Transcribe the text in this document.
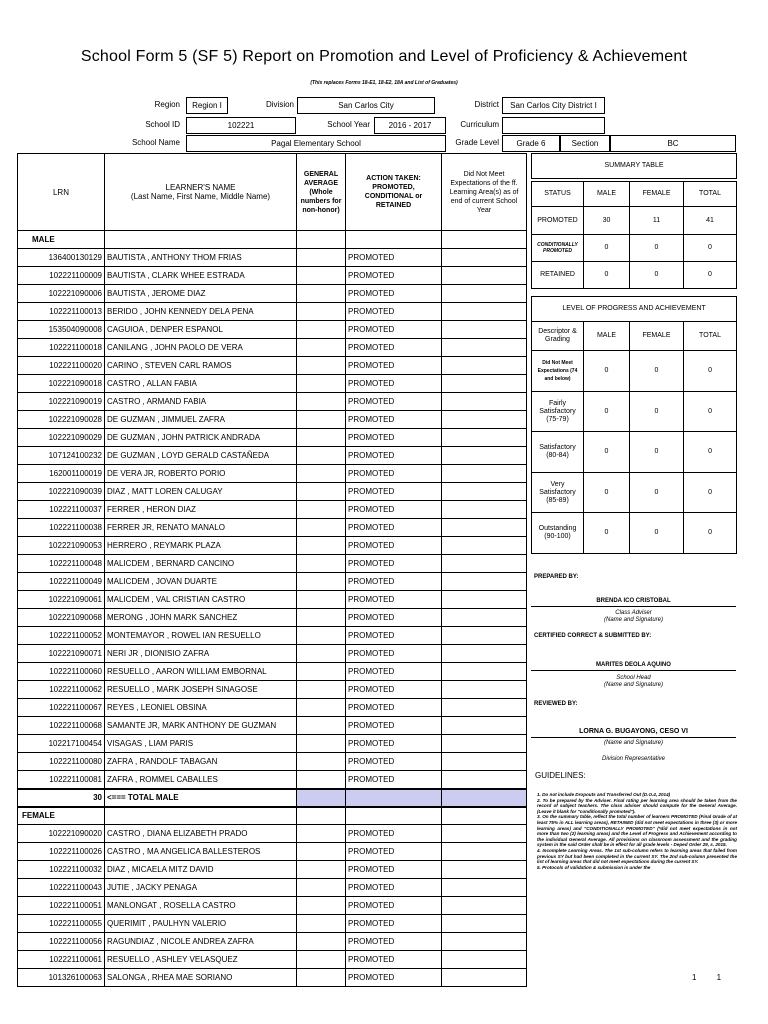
School Form 5 (SF 5) Report on Promotion and Level of Proficiency & Achievement
(This replaces Forms 18-E1, 18-E2, 18A and List of Graduates)
Region	Region I	Division	San Carlos City	District	San Carlos City District I
School ID	102221	School Year	2016 - 2017	Curriculum
School Name	Pagal Elementary School	Grade Level	Grade 6	Section	BC
LRN	LEARNER'S NAME
(Last Name, First Name, Middle Name)	GENERAL AVERAGE (Whole numbers for non-honor)	ACTION TAKEN: PROMOTED, CONDITIONAL or RETAINED	Did Not Meet Expectations of the ff. Learning Area(s) as of end of current School Year
MALE				
136400130129	BAUTISTA , ANTHONY THOM FRIAS		PROMOTED	
102221100009	BAUTISTA , CLARK WHEE ESTRADA		PROMOTED	
102221090006	BAUTISTA , JEROME DIAZ		PROMOTED	
102221100013	BERIDO , JOHN KENNEDY DELA PENA		PROMOTED	
153504090008	CAGUIOA , DENPER ESPANOL		PROMOTED	
102221100018	CANILANG , JOHN PAOLO DE VERA		PROMOTED	
102221100020	CARINO , STEVEN CARL RAMOS		PROMOTED	
102221090018	CASTRO , ALLAN FABIA		PROMOTED	
102221090019	CASTRO , ARMAND FABIA		PROMOTED	
102221090028	DE GUZMAN , JIMMUEL ZAFRA		PROMOTED	
102221090029	DE GUZMAN , JOHN PATRICK ANDRADA		PROMOTED	
107124100232	DE GUZMAN , LOYD GERALD CASTAÑEDA		PROMOTED	
162001100019	DE VERA JR, ROBERTO PORIO		PROMOTED	
102221090039	DIAZ , MATT LOREN CALUGAY		PROMOTED	
102221100037	FERRER , HERON DIAZ		PROMOTED	
102221100038	FERRER JR, RENATO MANALO		PROMOTED	
102221090053	HERRERO , REYMARK PLAZA		PROMOTED	
102221100048	MALICDEM , BERNARD CANCINO		PROMOTED	
102221100049	MALICDEM , JOVAN DUARTE		PROMOTED	
102221090061	MALICDEM , VAL CRISTIAN CASTRO		PROMOTED	
102221090068	MERONG , JOHN MARK SANCHEZ		PROMOTED	
102221100052	MONTEMAYOR , ROWEL IAN RESUELLO		PROMOTED	
102221090071	NERI JR , DIONISIO ZAFRA		PROMOTED	
102221100060	RESUELLO , AARON WILLIAM EMBORNAL		PROMOTED	
102221100062	RESUELLO , MARK JOSEPH SINAGOSE		PROMOTED	
102221100067	REYES , LEONIEL OBSINA		PROMOTED	
102221100068	SAMANTE JR, MARK ANTHONY DE GUZMAN		PROMOTED	
102217100454	VISAGAS , LIAM PARIS		PROMOTED	
102221100080	ZAFRA , RANDOLF TABAGAN		PROMOTED	
102221100081	ZAFRA , ROMMEL CABALLES		PROMOTED	
30	<=== TOTAL MALE			
FEMALE				
102221090020	CASTRO , DIANA ELIZABETH PRADO		PROMOTED	
102221100026	CASTRO , MA ANGELICA BALLESTEROS		PROMOTED	
102221100032	DIAZ , MICAELA MITZ DAVID		PROMOTED	
102221100043	JUTIE , JACKY PENAGA		PROMOTED	
102221100051	MANLONGAT , ROSELLA CASTRO		PROMOTED	
102221100055	QUERIMIT , PAULHYN VALERIO		PROMOTED	
102221100056	RAGUNDIAZ , NICOLE ANDREA ZAFRA		PROMOTED	
102221100061	RESUELLO , ASHLEY VELASQUEZ		PROMOTED	
101326100063	SALONGA , RHEA MAE SORIANO		PROMOTED	
SUMMARY TABLE			

STATUS	MALE	FEMALE	TOTAL
PROMOTED	30	11	41
CONDITIONALLY PROMOTED	0	0	0
RETAINED	0	0	0
LEVEL OF PROGRESS AND ACHIEVEMENT			
Descriptor & Grading	MALE	FEMALE	TOTAL
Did Not Meet Expectations (74 and below)	0	0	0
Fairly Satisfactory (75-79)	0	0	0
Satisfactory (80-84)	0	0	0
Very Satisfactory (85-89)	0	0	0
Outstanding (90-100)	0	0	0
PREPARED BY:
BRENDA ICO CRISTOBAL
Class Adviser
(Name and Signature)
CERTIFIED CORRECT & SUBMITTED BY:
MARITES DEOLA AQUINO
School Head
(Name and Signature)
REVIEWED BY:
LORNA G. BUGAYONG, CESO VI
(Name and Signature)
Division Representative
GUIDELINES:

1. Do not include Dropouts and Transferred Out (D.O.4, 2014)

2. To be prepared by the Adviser. Final rating per learning area should be taken from the record of subject teachers. The class adviser should compute for the General Average. (Leave it blank for "conditionally promoted").

3. On the summary table, reflect the total number of learners PROMOTED (Final Grade of at least 75% in ALL learning areas), RETAINED (did not meet expectations in three (3) or more learning areas) and "CONDITIONALLY PROMOTED" (*did not meet expectations in not more than two (2) learning areas) and the Level of Progress and Achievement according to the individual General Average. All provisions on classroom assessment and the grading system in the said Order shall be in effect for all grade levels - Deped Order 29, s. 2015.

4. Incomplete Learning Areas. The 1st sub-column refers to learning areas that failed from previous SY but had been completed in the current SY. The 2nd sub-column presented the list of learning areas that did not meet expectations during the current SY.

5. Protocols of validation & submission is under the

1 1
